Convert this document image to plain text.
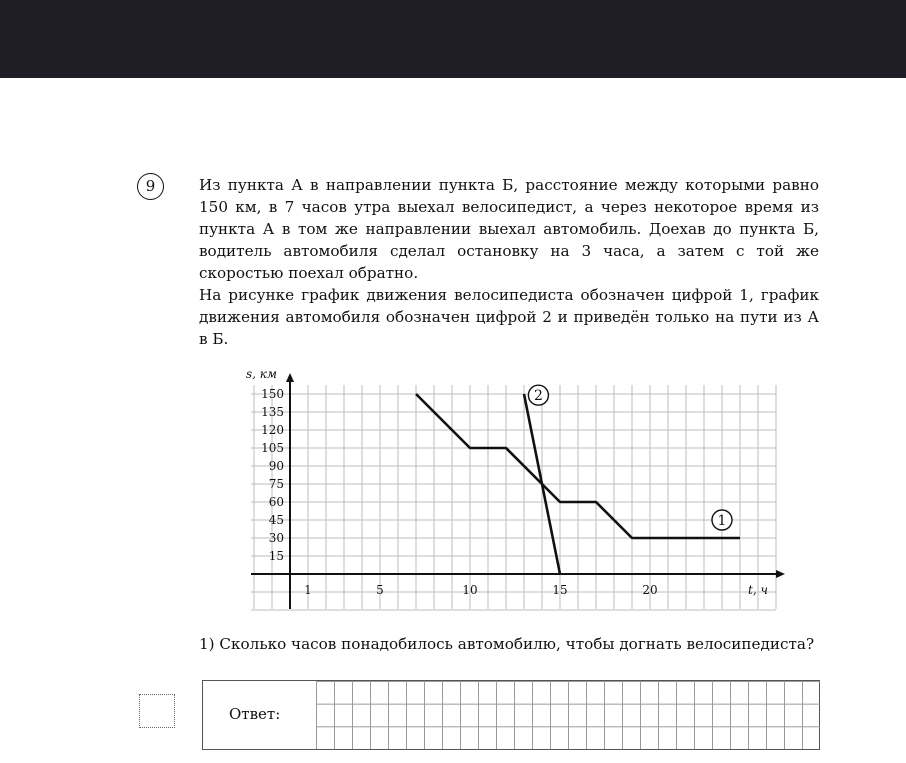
9	Из пункта А в направлении пункта Б, расстояние между которыми равно 150 км, в 7 часов утра выехал велосипедист, а через некоторое время из пункта А в том же направлении выехал автомобиль. Доехав до пункта Б, водитель автомобиля сделал остановку на 3 часа, а затем с той же скоростью поехал обратно.

На рисунке график движения велосипедиста обозначен цифрой 1, график движения автомобиля обозначен цифрой 2 и приведён только на пути из А в Б.

150
135
120
105
90
75
60
45
30
15
1	5	10	15	20
s, км
t, ч
1
2
1) Сколько часов понадобилось автомобилю, чтобы догнать велосипедиста?
Ответ:
